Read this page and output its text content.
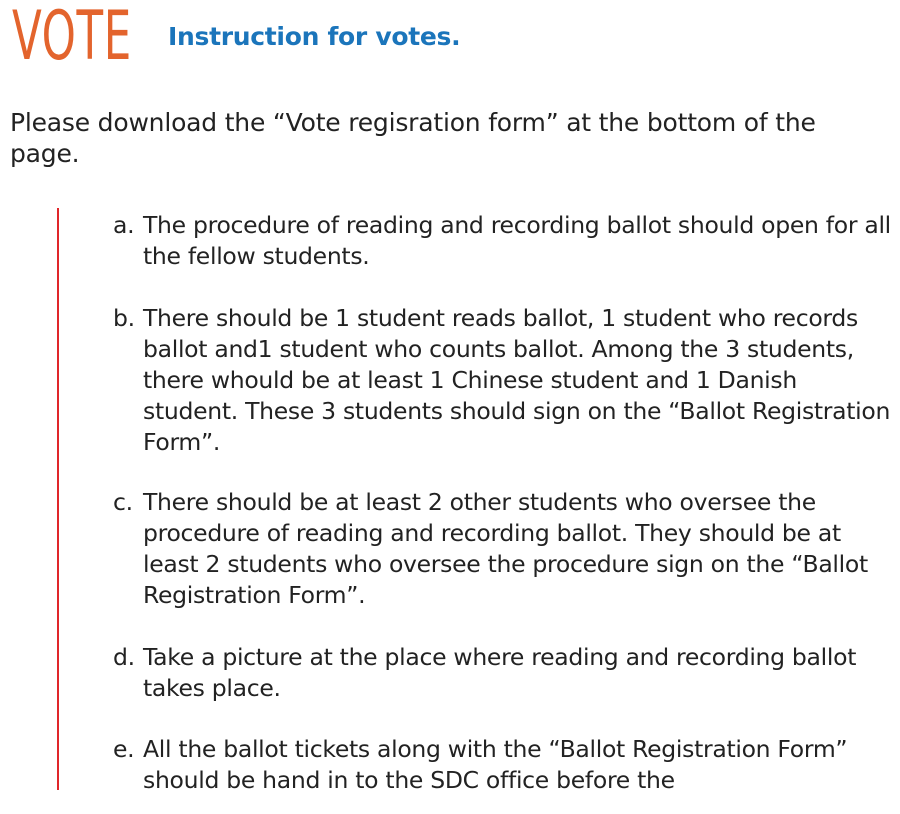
VOTE Instruction for votes.

Please download the “Vote regisration form” at the bottom of the page.

a. The procedure of reading and recording ballot should open for all the fellow students.
b. There should be 1 student reads ballot, 1 student who records ballot and1 student who counts ballot. Among the 3 students, there whould be at least 1 Chinese student and 1 Danish student. These 3 students should sign on the “Ballot Registration Form”.
c. There should be at least 2 other students who oversee the procedure of reading and recording ballot. They should be at least 2 students who oversee the procedure sign on the “Ballot Registration Form”.
d. Take a picture at the place where reading and recording ballot takes place.
e. All the ballot tickets along with the “Ballot Registration Form” should be hand in to the SDC office before the
